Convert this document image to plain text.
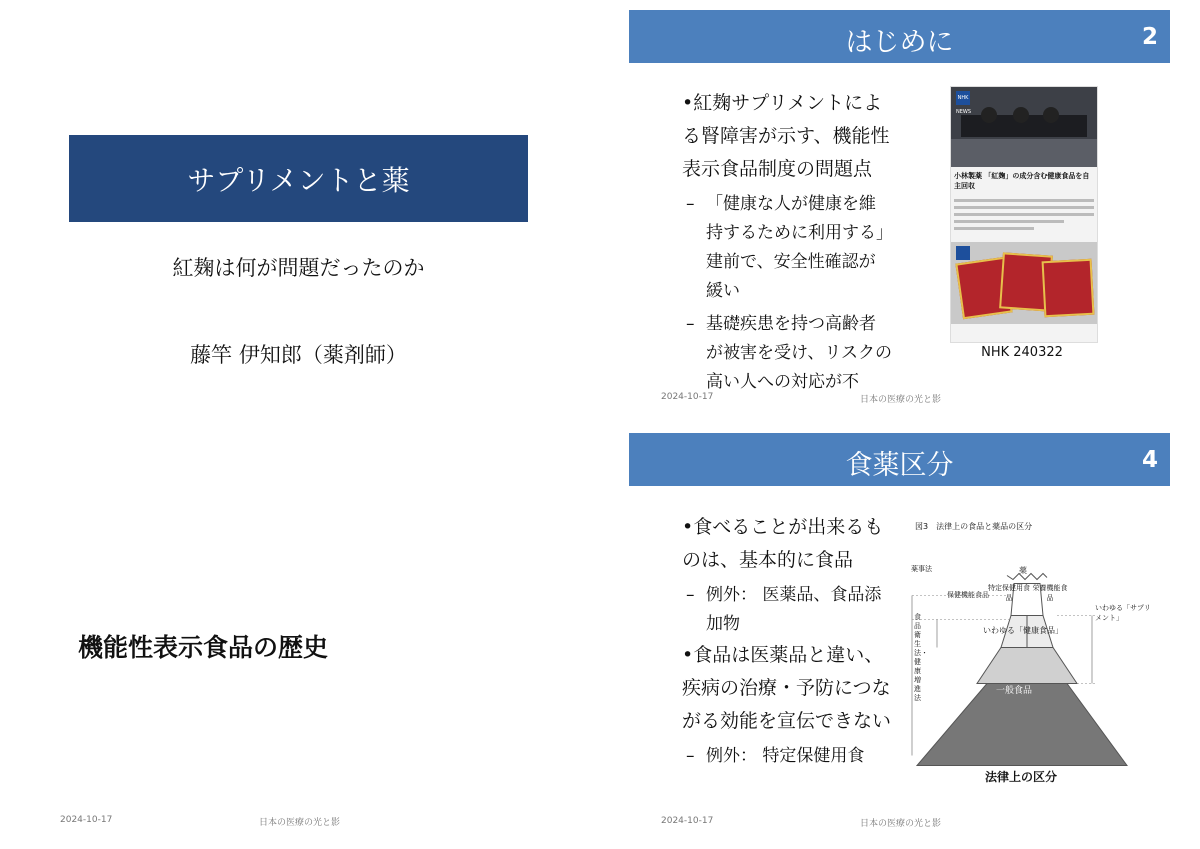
サプリメントと薬
紅麹は何が問題だったのか
藤竿 伊知郎（薬剤師）
機能性表示食品の歴史
2024-10-17	日本の医療の光と影
はじめに	2
•紅麹サプリメントによる腎障害が示す、機能性表示食品制度の問題点
– 「健康な人が健康を維持するために利用する」建前で、安全性確認が緩い
– 基礎疾患を持つ高齢者が被害を受け、リスクの高い人への対応が不
NHK NEWS
小林製薬 「紅麹」の成分含む健康食品を自主回収
NHK 240322
2024-10-17	日本の医療の光と影
食薬区分	4
•食べることが出来るものは、基本的に食品
– 例外： 医薬品、食品添加物
•食品は医薬品と違い、疾病の治療・予防につながる効能を宣伝できない
– 例外： 特定保健用食
図3　法律上の食品と薬品の区分
薬
特定保健用食品
栄養機能食品
いわゆる「健康食品」
一般食品
いわゆる「サプリメント」
薬事法
保健機能食品
食品衛生法・健康増進法
法律上の区分
2024-10-17	日本の医療の光と影
